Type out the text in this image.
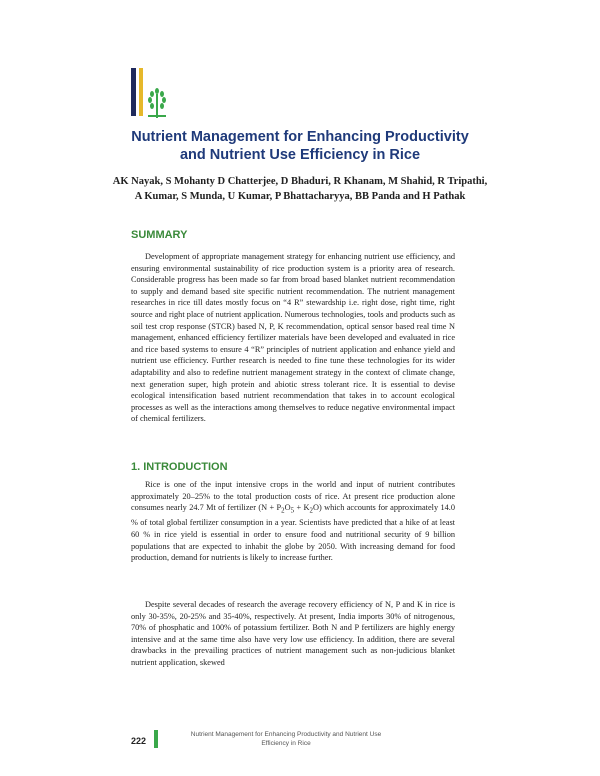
Nutrient Management for Enhancing Productivity and Nutrient Use Efficiency in Rice

AK Nayak, S Mohanty D Chatterjee, D Bhaduri, R Khanam, M Shahid, R Tripathi, A Kumar, S Munda, U Kumar, P Bhattacharyya, BB Panda and H Pathak

SUMMARY

Development of appropriate management strategy for enhancing nutrient use efficiency, and ensuring environmental sustainability of rice production system is a priority area of research. Considerable progress has been made so far from broad based blanket nutrient recommendation to supply and demand based site specific nutrient recommendation. The nutrient management researches in rice till dates mostly focus on “4 R” stewardship i.e. right dose, right time, right source and right place of nutrient application. Numerous technologies, tools and products such as soil test crop response (STCR) based N, P, K recommendation, optical sensor based real time N management, enhanced efficiency fertilizer materials have been developed and evaluated in rice and rice based systems to ensure 4 “R” principles of nutrient application and enhance yield and nutrient use efficiency. Further research is needed to fine tune these technologies for its wider adaptability and also to redefine nutrient management strategy in the context of climate change, next generation super, high protein and abiotic stress tolerant rice. It is essential to devise ecological intensification based nutrient recommendation that takes in to account ecological processes as well as the interactions among themselves to reduce negative environmental impact of chemical fertilizers.

1. INTRODUCTION

Rice is one of the input intensive crops in the world and input of nutrient contributes approximately 20–25% to the total production costs of rice. At present rice production alone consumes nearly 24.7 Mt of fertilizer $(N + P_2O_5 + K_2O)$ which accounts for approximately 14.0 % of total global fertilizer consumption in a year. Scientists have predicted that a hike of at least 60 % in rice yield is essential in order to ensure food and nutritional security of 9 billion populations that are expected to inhabit the globe by 2050. With increasing demand for food production, demand for nutrients is likely to increase further.

Despite several decades of research the average recovery efficiency of N, P and K in rice is only 30-35%, 20-25% and 35-40%, respectively. At present, India imports 30% of nitrogenous, 70% of phosphatic and 100% of potassium fertilizer. Both N and P fertilizers are highly energy intensive and at the same time also have very low use efficiency. In addition, there are several drawbacks in the prevailing practices of nutrient management such as non-judicious blanket nutrient application, skewed

222

Nutrient Management for Enhancing Productivity and Nutrient Use Efficiency in Rice
